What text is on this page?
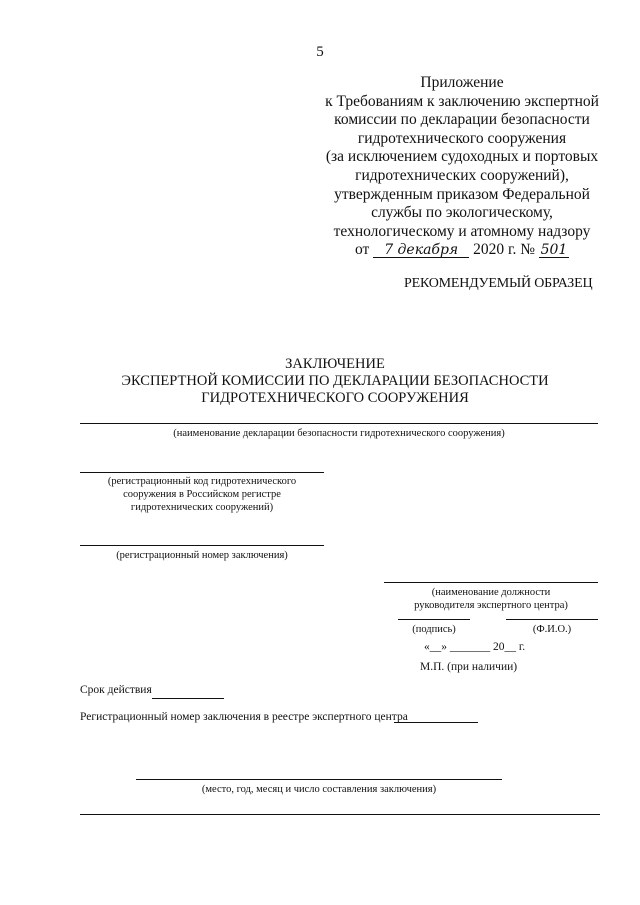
5
Приложение
к Требованиям к заключению экспертной
комиссии по декларации безопасности
гидротехнического сооружения
(за исключением судоходных и портовых
гидротехнических сооружений),
утвержденным приказом Федеральной
службы по экологическому,
технологическому и атомному надзору
от 7 декабря 2020 г. № 501
РЕКОМЕНДУЕМЫЙ ОБРАЗЕЦ
ЗАКЛЮЧЕНИЕ
ЭКСПЕРТНОЙ КОМИССИИ ПО ДЕКЛАРАЦИИ БЕЗОПАСНОСТИ
ГИДРОТЕХНИЧЕСКОГО СООРУЖЕНИЯ
(наименование декларации безопасности гидротехнического сооружения)
(регистрационный код гидротехнического
сооружения в Российском регистре
гидротехнических сооружений)
(регистрационный номер заключения)
(наименование должности
руководителя экспертного центра)
(подпись)	(Ф.И.О.)
«__» _______ 20__ г.
М.П. (при наличии)
Срок действия
Регистрационный номер заключения в реестре экспертного центра
(место, год, месяц и число составления заключения)
